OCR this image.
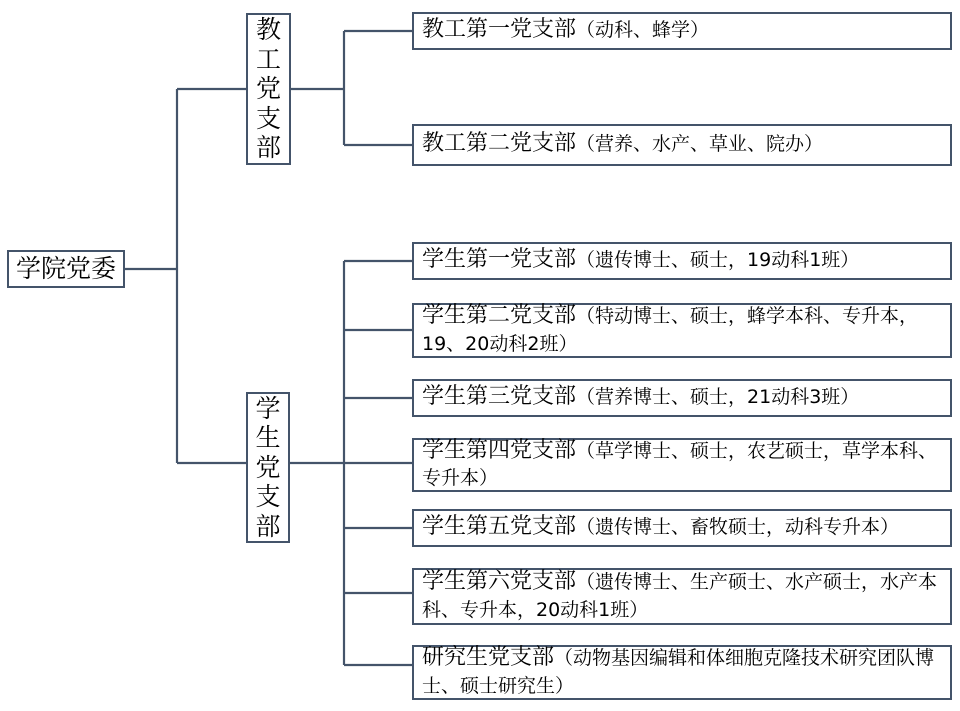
学院党委
教工党支部
学生党支部
教工第一党支部（动科、蜂学）
教工第二党支部（营养、水产、草业、院办）
学生第一党支部（遗传博士、硕士，19动科1班）
学生第二党支部（特动博士、硕士，蜂学本科、专升本，19、20动科2班）
学生第三党支部（营养博士、硕士，21动科3班）
学生第四党支部（草学博士、硕士，农艺硕士，草学本科、专升本）
学生第五党支部（遗传博士、畜牧硕士，动科专升本）
学生第六党支部（遗传博士、生产硕士、水产硕士，水产本科、专升本，20动科1班）
研究生党支部（动物基因编辑和体细胞克隆技术研究团队博士、硕士研究生）
